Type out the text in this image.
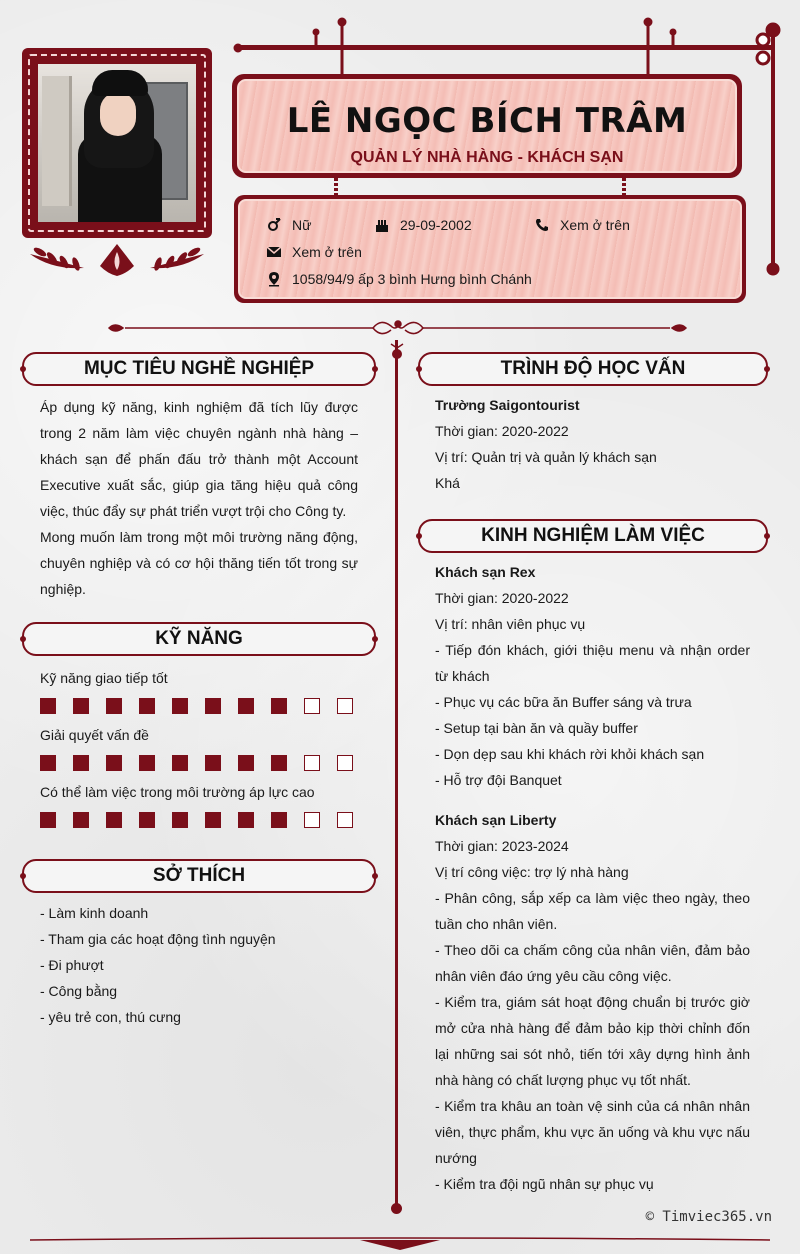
LÊ NGỌC BÍCH TRÂM
QUẢN LÝ NHÀ HÀNG - KHÁCH SẠN
Nữ	29-09-2002	Xem ở trên
Xem ở trên
1058/94/9 ấp 3 bình Hưng bình Chánh
MỤC TIÊU NGHỀ NGHIỆP
Áp dụng kỹ năng, kinh nghiệm đã tích lũy được trong 2 năm làm việc chuyên ngành nhà hàng – khách sạn để phấn đấu trở thành một Account Executive xuất sắc, giúp gia tăng hiệu quả công việc, thúc đẩy sự phát triển vượt trội cho Công ty.
Mong muốn làm trong một môi trường năng động, chuyên nghiệp và có cơ hội thăng tiến tốt trong sự nghiệp.
KỸ NĂNG
Kỹ năng giao tiếp tốt
Giải quyết vấn đề
Có thể làm việc trong môi trường áp lực cao
SỞ THÍCH
- Làm kinh doanh
- Tham gia các hoạt động tình nguyện
- Đi phượt
- Công bằng
- yêu trẻ con, thú cưng
TRÌNH ĐỘ HỌC VẤN
Trường Saigontourist
Thời gian: 2020-2022
Vị trí: Quản trị và quản lý khách sạn
Khá
KINH NGHIỆM LÀM VIỆC
Khách sạn Rex
Thời gian: 2020-2022
Vị trí: nhân viên phục vụ
- Tiếp đón khách, giới thiệu menu và nhận order từ khách
- Phục vụ các bữa ăn Buffer sáng và trưa
- Setup tại bàn ăn và quầy buffer
- Dọn dẹp sau khi khách rời khỏi khách sạn
- Hỗ trợ đội Banquet
Khách sạn Liberty
Thời gian: 2023-2024
Vị trí công việc: trợ lý nhà hàng
- Phân công, sắp xếp ca làm việc theo ngày, theo tuần cho nhân viên.
- Theo dõi ca chấm công của nhân viên, đảm bảo nhân viên đáo ứng yêu cầu công việc.
- Kiểm tra, giám sát hoạt động chuẩn bị trước giờ mở cửa nhà hàng để đảm bảo kịp thời chỉnh đốn lại những sai sót nhỏ, tiến tới xây dựng hình ảnh nhà hàng có chất lượng phục vụ tốt nhất.
- Kiểm tra khâu an toàn vệ sinh của cá nhân nhân viên, thực phẩm, khu vực ăn uống và khu vực nấu nướng
- Kiểm tra đội ngũ nhân sự phục vụ
© Timviec365.vn
